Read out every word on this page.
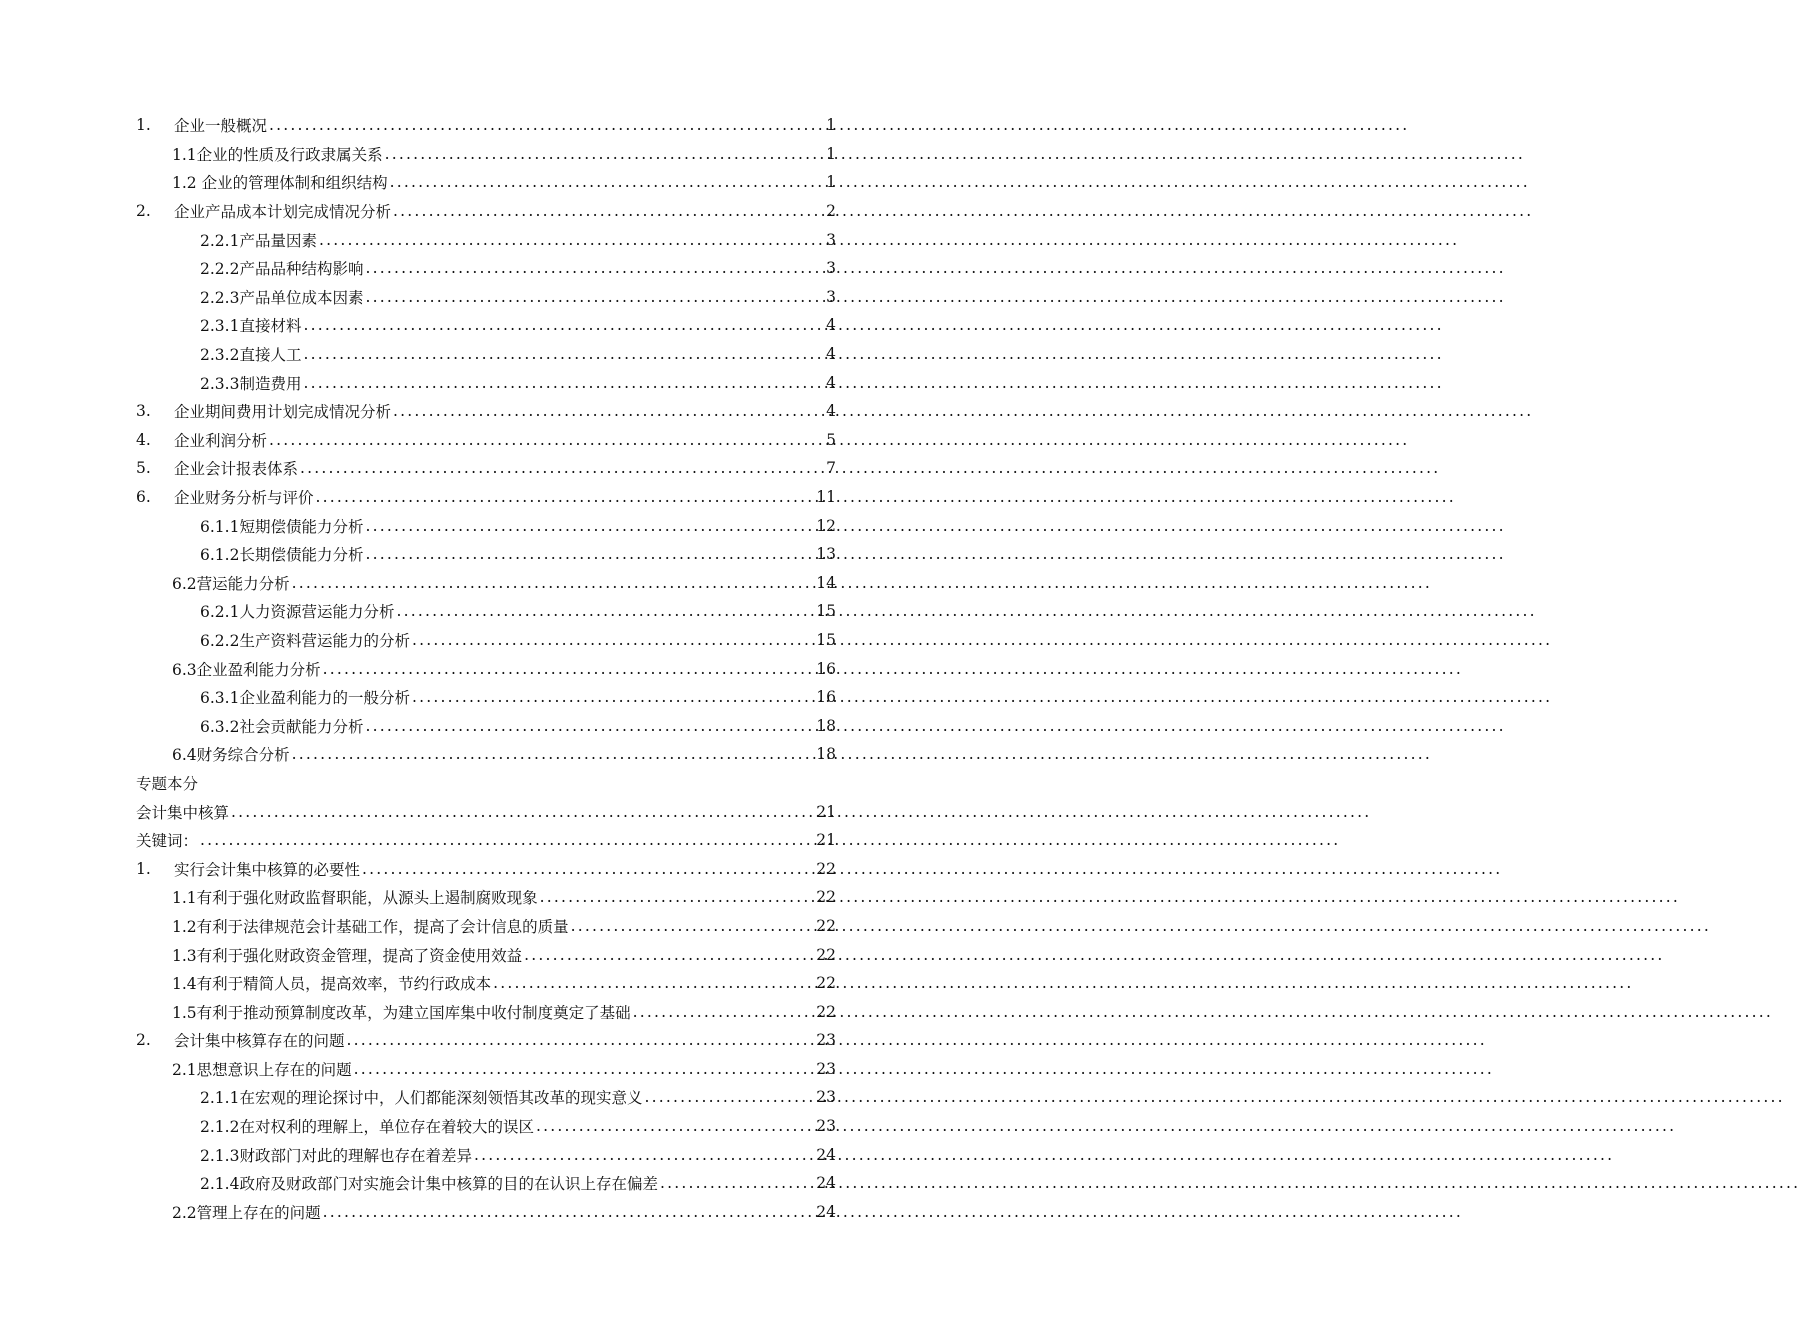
1.	企业一般概况 .....	1
1.1企业的性质及行政隶属关系 .....	1
1.2 企业的管理体制和组织结构 .....	1
2.	企业产品成本计划完成情况分析 .....	2
2.2.1产品量因素 .....	3
2.2.2产品品种结构影响 .....	3
2.2.3产品单位成本因素 .....	3
2.3.1直接材料 .....	4
2.3.2直接人工 .....	4
2.3.3制造费用 .....	4
3.	企业期间费用计划完成情况分析 .....	4
4.	企业利润分析 .....	5
5.	企业会计报表体系 .....	7
6.	企业财务分析与评价 .....	11
6.1.1短期偿债能力分析 .....	12
6.1.2长期偿债能力分析 .....	13
6.2营运能力分析 .....	14
6.2.1人力资源营运能力分析 .....	15
6.2.2生产资料营运能力的分析 .....	15
6.3企业盈利能力分析 .....	16
6.3.1企业盈利能力的一般分析 .....	16
6.3.2社会贡献能力分析 .....	18
6.4财务综合分析 .....	18
专题本分
会计集中核算 .....	21
关键词： .....	21
1.	实行会计集中核算的必要性 .....	22
1.1有利于强化财政监督职能，从源头上遏制腐败现象 .....	22
1.2有利于法律规范会计基础工作，提高了会计信息的质量 .....	22
1.3有利于强化财政资金管理，提高了资金使用效益 .....	22
1.4有利于精简人员，提高效率，节约行政成本 .....	22
1.5有利于推动预算制度改革，为建立国库集中收付制度奠定了基础 .....	22
2.	会计集中核算存在的问题 .....	23
2.1思想意识上存在的问题 .....	23
2.1.1在宏观的理论探讨中，人们都能深刻领悟其改革的现实意义 .....	23
2.1.2在对权利的理解上，单位存在着较大的误区 .....	23
2.1.3财政部门对此的理解也存在着差异 .....	24
2.1.4政府及财政部门对实施会计集中核算的目的在认识上存在偏差 .....	24
2.2管理上存在的问题 .....	24
